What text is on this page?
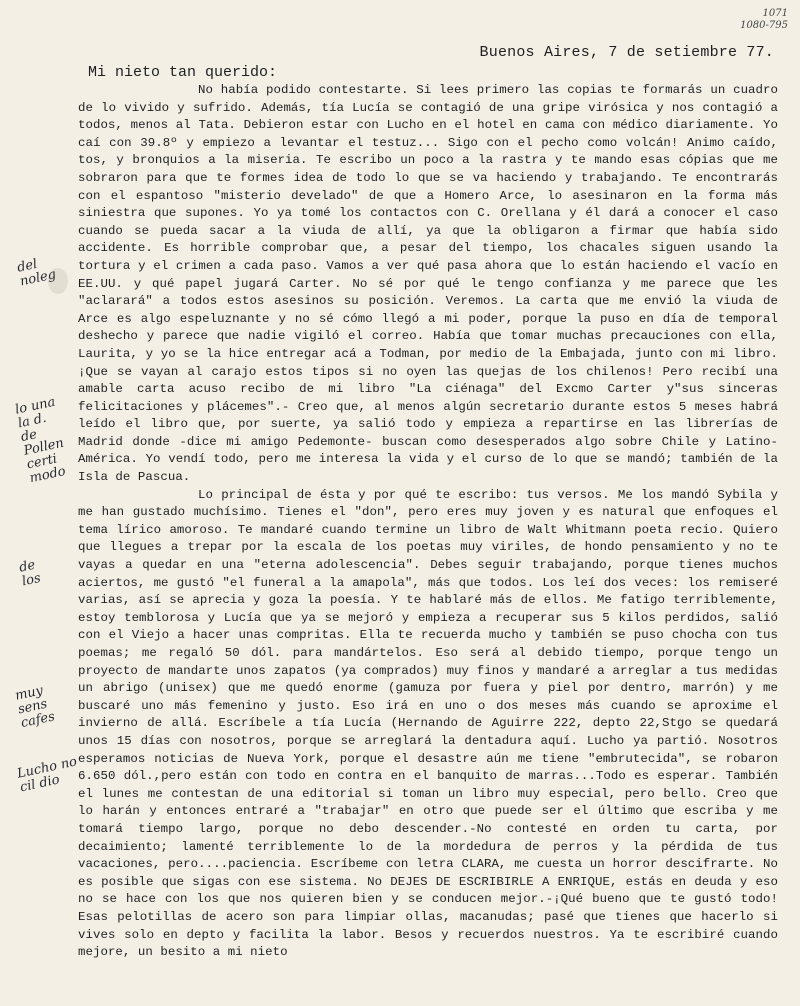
1071
1080-795
Buenos Aires, 7 de setiembre 77.
Mi nieto tan querido:

No había podido contestarte. Si lees primero las copias te formarás un cuadro de lo vivido y sufrido. Además, tía Lucía se contagió de una gripe virósica y nos contagió a todos, menos al Tata. Debieron estar con Lucho en el hotel en cama con médico diariamente. Yo caí con 39.8º y empiezo a levantar el testuz... Sigo con el pecho como volcán! Animo caído, tos, y bronquios a la miseria. Te escribo un poco a la rastra y te mando esas cópias que me sobraron para que te formes idea de todo lo que se va haciendo y trabajando. Te encontrarás con el espantoso "misterio develado" de que a Homero Arce, lo asesinaron en la forma más siniestra que supones. Yo ya tomé los contactos con C. Orellana y él dará a conocer el caso cuando se pueda sacar a la viuda de allí, ya que la obligaron a firmar que había sido accidente. Es horrible comprobar que, a pesar del tiempo, los chacales siguen usando la tortura y el crimen a cada paso. Vamos a ver qué pasa ahora que lo están haciendo el vacío en EE.UU. y qué papel jugará Carter. No sé por qué le tengo confianza y me parece que les "aclarará" a todos estos asesinos su posición. Veremos. La carta que me envió la viuda de Arce es algo espeluznante y no sé cómo llegó a mi poder, porque la puso en día de temporal deshecho y parece que nadie vigiló el correo. Había que tomar muchas precauciones con ella, Laurita, y yo se la hice entregar acá a Todman, por medio de la Embajada, junto con mi libro. ¡Que se vayan al carajo estos tipos si no oyen las quejas de los chilenos! Pero recibí una amable carta acuso recibo de mi libro "La ciénaga" del Excmo Carter y"sus sinceras felicitaciones y plácemes".- Creo que, al menos algún secretario durante estos 5 meses habrá leído el libro que, por suerte, ya salió todo y empieza a repartirse en las librerías de Madrid donde -dice mi amigo Pedemonte- buscan como desesperados algo sobre Chile y Latino-América. Yo vendí todo, pero me interesa la vida y el curso de lo que se mandó; también de la Isla de Pascua.

Lo principal de ésta y por qué te escribo: tus versos. Me los mandó Sybila y me han gustado muchísimo. Tienes el "don", pero eres muy joven y es natural que enfoques el tema lírico amoroso. Te mandaré cuando termine un libro de Walt Whitmann poeta recio. Quiero que llegues a trepar por la escala de los poetas muy viriles, de hondo pensamiento y no te vayas a quedar en una "eterna adolescencia". Debes seguir trabajando, porque tienes muchos aciertos, me gustó "el funeral a la amapola", más que todos. Los leí dos veces: los remiseré varias, así se aprecia y goza la poesía. Y te hablaré más de ellos. Me fatigo terriblemente, estoy temblorosa y Lucía que ya se mejoró y empieza a recuperar sus 5 kilos perdidos, salió con el Viejo a hacer unas compritas. Ella te recuerda mucho y también se puso chocha con tus poemas; me regaló 50 dól. para mandártelos. Eso será al debido tiempo, porque tengo un proyecto de mandarte unos zapatos (ya comprados) muy finos y mandaré a arreglar a tus medidas un abrigo (unisex) que me quedó enorme (gamuza por fuera y piel por dentro, marrón) y me buscaré uno más femenino y justo. Eso irá en uno o dos meses más cuando se aproxime el invierno de allá. Escríbele a tía Lucía (Hernando de Aguirre 222, depto 22,Stgo se quedará unos 15 días con nosotros, porque se arreglará la dentadura aquí. Lucho ya partió. Nosotros esperamos noticias de Nueva York, porque el desastre aún me tiene "embrutecida", se robaron 6.650 dól.,pero están con todo en contra en el banquito de marras...Todo es esperar. También el lunes me contestan de una editorial si toman un libro muy especial, pero bello. Creo que lo harán y entonces entraré a "trabajar" en otro que puede ser el último que escriba y me tomará tiempo largo, porque no debo descender.-No contesté en orden tu carta, por decaimiento; lamenté terriblemente lo de la mordedura de perros y la pérdida de tus vacaciones, pero....paciencia. Escríbeme con letra CLARA, me cuesta un horror descifrarte. No es posible que sigas con ese sistema. No DEJES DE ESCRIBIRLE A ENRIQUE, estás en deuda y eso no se hace con los que nos quieren bien y se conducen mejor.-¡Qué bueno que te gustó todo! Esas pelotillas de acero son para limpiar ollas, macanudas; pasé que tienes que hacerlo si vives solo en depto y facilita la labor. Besos y recuerdos nuestros. Ya te escribiré cuando mejore, un besito a mi nieto

del
noleg
lo una
la d.
de
Pollen
certi
modo
de
los
muy
sens
cafes
Lucho no
cil dio
